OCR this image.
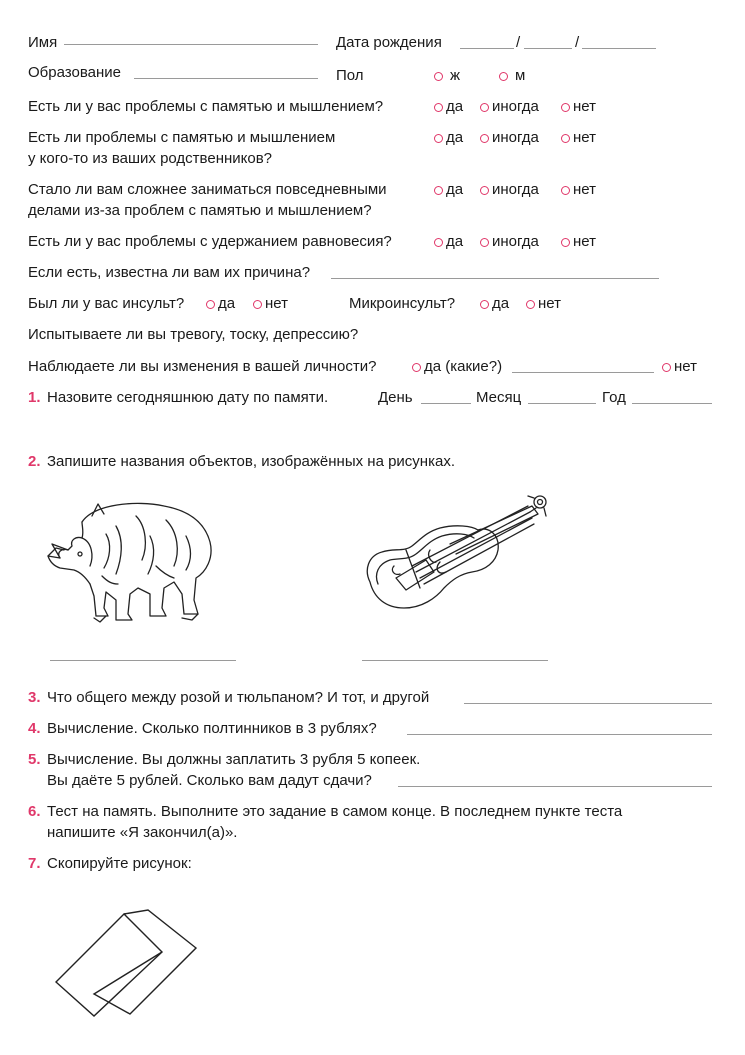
Имя	Дата рождения	/	/
Образование	Пол	ж	м
Есть ли у вас проблемы с памятью и мышлением?	да иногда нет
Есть ли проблемы с памятью и мышлением
у кого-то из ваших родственников?
да иногда нет
Стало ли вам сложнее заниматься повседневными
делами из-за проблем с памятью и мышлением?
да иногда нет
Есть ли у вас проблемы с удержанием равновесия?	да иногда нет
Если есть, известна ли вам их причина?
Был ли у вас инсульт? да нет	Микроинсульт? да нет
Испытываете ли вы тревогу, тоску, депрессию?
Наблюдаете ли вы изменения в вашей личности?	да (какие?)	нет
1. Назовите сегодняшнюю дату по памяти.	День	Месяц	Год
2. Запишите названия объектов, изображённых на рисунках.
3. Что общего между розой и тюльпаном? И тот, и другой
4. Вычисление. Сколько полтинников в 3 рублях?
5. Вычисление. Вы должны заплатить 3 рубля 5 копеек.
Вы даёте 5 рублей. Сколько вам дадут сдачи?
6. Тест на память. Выполните это задание в самом конце. В последнем пункте теста
напишите «Я закончил(а)».
7. Скопируйте рисунок:
